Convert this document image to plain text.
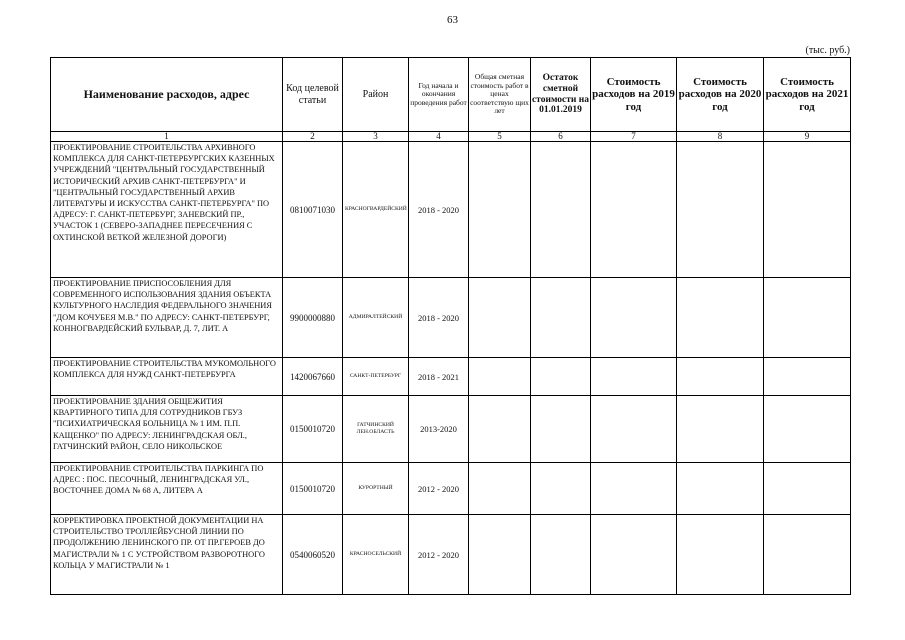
63
(тыс. руб.)
Наименование расходов, адрес	Код целевой статьи	Район	Год начала и окончания проведения работ	Общая сметная стоимость работ в ценах соответствую щих лет	Остаток сметной стоимости на 01.01.2019	Стоимость расходов на 2019 год	Стоимость расходов на 2020 год	Стоимость расходов на 2021 год
1	2	3	4	5	6	7	8	9
ПРОЕКТИРОВАНИЕ СТРОИТЕЛЬСТВА АРХИВНОГО КОМПЛЕКСА ДЛЯ САНКТ-ПЕТЕРБУРГСКИХ КАЗЕННЫХ УЧРЕЖДЕНИЙ "ЦЕНТРАЛЬНЫЙ ГОСУДАРСТВЕННЫЙ ИСТОРИЧЕСКИЙ АРХИВ САНКТ-ПЕТЕРБУРГА" И "ЦЕНТРАЛЬНЫЙ ГОСУДАРСТВЕННЫЙ АРХИВ ЛИТЕРАТУРЫ И ИСКУССТВА САНКТ-ПЕТЕРБУРГА" ПО АДРЕСУ: Г. САНКТ-ПЕТЕРБУРГ, ЗАНЕВСКИЙ ПР., УЧАСТОК 1 (СЕВЕРО-ЗАПАДНЕЕ ПЕРЕСЕЧЕНИЯ С ОХТИНСКОЙ ВЕТКОЙ ЖЕЛЕЗНОЙ ДОРОГИ)	0810071030	КРАСНОГВАРДЕЙСКИЙ	2018 - 2020					
ПРОЕКТИРОВАНИЕ ПРИСПОСОБЛЕНИЯ ДЛЯ СОВРЕМЕННОГО ИСПОЛЬЗОВАНИЯ ЗДАНИЯ ОБЪЕКТА КУЛЬТУРНОГО НАСЛЕДИЯ ФЕДЕРАЛЬНОГО ЗНАЧЕНИЯ "ДОМ КОЧУБЕЯ М.В." ПО АДРЕСУ: САНКТ-ПЕТЕРБУРГ, КОННОГВАРДЕЙСКИЙ БУЛЬВАР, Д. 7, ЛИТ. А	9900000880	АДМИРАЛТЕЙСКИЙ	2018 - 2020					
ПРОЕКТИРОВАНИЕ СТРОИТЕЛЬСТВА МУКОМОЛЬНОГО КОМПЛЕКСА ДЛЯ НУЖД САНКТ-ПЕТЕРБУРГА	1420067660	САНКТ-ПЕТЕРБУРГ	2018 - 2021					
ПРОЕКТИРОВАНИЕ ЗДАНИЯ ОБЩЕЖИТИЯ КВАРТИРНОГО ТИПА ДЛЯ СОТРУДНИКОВ ГБУЗ "ПСИХИАТРИЧЕСКАЯ БОЛЬНИЦА № 1 ИМ. П.П. КАЩЕНКО" ПО АДРЕСУ: ЛЕНИНГРАДСКАЯ ОБЛ., ГАТЧИНСКИЙ РАЙОН, СЕЛО НИКОЛЬСКОЕ	0150010720	ГАТЧИНСКИЙ ЛЕН.ОБЛАСТЬ	2013-2020					
ПРОЕКТИРОВАНИЕ СТРОИТЕЛЬСТВА ПАРКИНГА ПО АДРЕС : ПОС. ПЕСОЧНЫЙ, ЛЕНИНГРАДСКАЯ УЛ., ВОСТОЧНЕЕ ДОМА № 68 А, ЛИТЕРА А	0150010720	КУРОРТНЫЙ	2012 - 2020					
КОРРЕКТИРОВКА ПРОЕКТНОЙ ДОКУМЕНТАЦИИ НА СТРОИТЕЛЬСТВО ТРОЛЛЕЙБУСНОЙ ЛИНИИ ПО ПРОДОЛЖЕНИЮ ЛЕНИНСКОГО ПР. ОТ ПР.ГЕРОЕВ ДО МАГИСТРАЛИ № 1 С УСТРОЙСТВОМ РАЗВОРОТНОГО КОЛЬЦА У МАГИСТРАЛИ № 1	0540060520	КРАСНОСЕЛЬСКИЙ	2012 - 2020					
